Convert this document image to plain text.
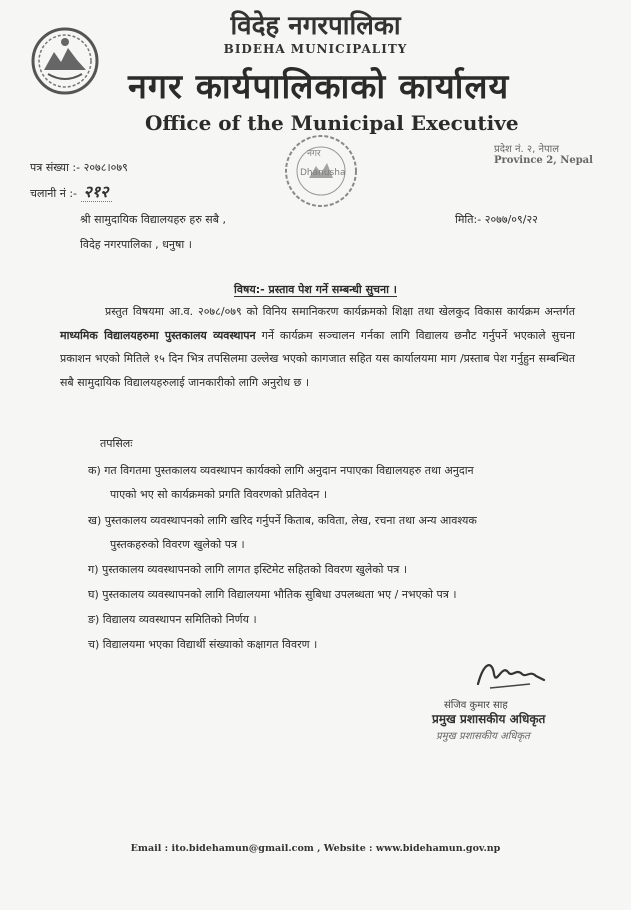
विदेह नगरपालिका
BIDEHA MUNICIPALITY
नगर कार्यपालिकाको कार्यालय
Office of the Municipal Executive
नगर
Dhanusha
प्रदेश नं. २, नेपाल
Province 2, Nepal
पत्र संख्या :- २०७८।०७९
चलानी नं :- २१२
श्री सामुदायिक विद्यालयहरु हरु सबै ,
विदेह नगरपालिका , धनुषा ।
मिति:- २०७७/०९/२२
विषय:- प्रस्ताव पेश गर्ने सम्बन्धी सुचना ।
प्रस्तुत विषयमा आ.व. २०७८/०७९ को विनिय समानिकरण कार्यक्रमको शिक्षा तथा खेलकुद विकास कार्यक्रम अन्तर्गत माध्यमिक विद्यालयहरुमा पुस्तकालय व्यवस्थापन गर्ने कार्यक्रम सञ्चालन गर्नका लागि विद्यालय छनौट गर्नुपर्ने भएकाले सुचना प्रकाशन भएको मितिले १५ दिन भित्र तपसिलमा उल्लेख भएको कागजात सहित यस कार्यालयमा माग /प्रस्ताब पेश गर्नुहुन सम्बन्धित सबै सामुदायिक विद्यालयहरुलाई जानकारीको लागि अनुरोध छ ।
तपसिलः
क) गत विगतमा पुस्तकालय व्यवस्थापन कार्यक्को लागि अनुदान नपाएका विद्यालयहरु तथा अनुदान
पाएको भए सो कार्यक्रमको प्रगति विवरणको प्रतिवेदन ।
ख) पुस्तकालय व्यवस्थापनको लागि खरिद गर्नुपर्ने किताब, कविता, लेख, रचना तथा अन्य आवश्यक
पुस्तकहरुको विवरण खुलेको पत्र ।
ग) पुस्तकालय व्यवस्थापनको लागि लागत इस्टिमेट सहितको विवरण खुलेको पत्र ।
घ) पुस्तकालय व्यवस्थापनको लागि विद्यालयमा भौतिक सुबिधा उपलब्धता भए / नभएको पत्र ।
ङ) विद्यालय व्यवस्थापन समितिको निर्णय ।
च) विद्यालयमा भएका विद्यार्थी संख्याको कक्षागत विवरण ।
संजिव कुमार साह
प्रमुख प्रशासकीय अधिकृत
प्रमुख प्रशासकीय अधिकृत
Email : ito.bidehamun@gmail.com , Website : www.bidehamun.gov.np
